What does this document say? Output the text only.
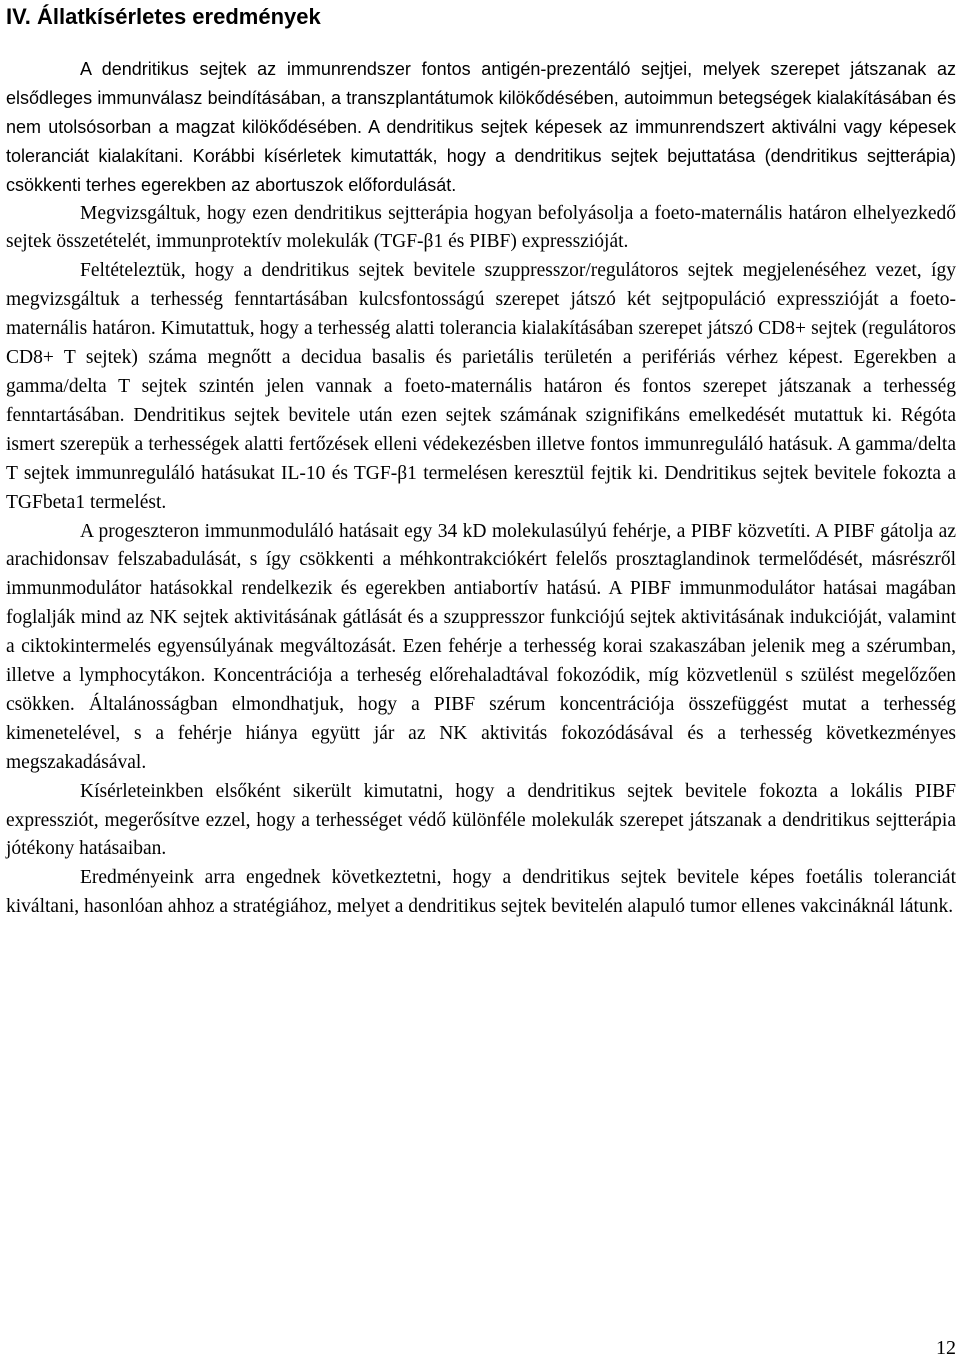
IV. Állatkísérletes eredmények

A dendritikus sejtek az immunrendszer fontos antigén-prezentáló sejtjei, melyek szerepet játszanak az elsődleges immunválasz beindításában, a transzplantátumok kilökődésében, autoimmun betegségek kialakításában és nem utolsósorban a magzat kilökődésében. A dendritikus sejtek képesek az immunrendszert aktiválni vagy képesek toleranciát kialakítani. Korábbi kísérletek kimutatták, hogy a dendritikus sejtek bejuttatása (dendritikus sejtterápia) csökkenti terhes egerekben az abortuszok előfordulását.

Megvizsgáltuk, hogy ezen dendritikus sejtterápia hogyan befolyásolja a foeto-maternális határon elhelyezkedő sejtek összetételét, immunprotektív molekulák (TGF-β1 és PIBF) expresszióját.

Feltételeztük, hogy a dendritikus sejtek bevitele szuppresszor/regulátoros sejtek megjelenéséhez vezet, így megvizsgáltuk a terhesség fenntartásában kulcsfontosságú szerepet játszó két sejtpopuláció expresszióját a foeto-maternális határon. Kimutattuk, hogy a terhesség alatti tolerancia kialakításában szerepet játszó CD8+ sejtek (regulátoros CD8+ T sejtek) száma megnőtt a decidua basalis és parietális területén a perifériás vérhez képest. Egerekben a gamma/delta T sejtek szintén jelen vannak a foeto-maternális határon és fontos szerepet játszanak a terhesség fenntartásában. Dendritikus sejtek bevitele után ezen sejtek számának szignifikáns emelkedését mutattuk ki. Régóta ismert szerepük a terhességek alatti fertőzések elleni védekezésben illetve fontos immunreguláló hatásuk. A gamma/delta T sejtek immunreguláló hatásukat IL-10 és TGF-β1 termelésen keresztül fejtik ki. Dendritikus sejtek bevitele fokozta a TGFbeta1 termelést.

A progeszteron immunmoduláló hatásait egy 34 kD molekulasúlyú fehérje, a PIBF közvetíti. A PIBF gátolja az arachidonsav felszabadulását, s így csökkenti a méhkontrakciókért felelős prosztaglandinok termelődését, másrészről immunmodulátor hatásokkal rendelkezik és egerekben antiabortív hatású. A PIBF immunmodulátor hatásai magában foglalják mind az NK sejtek aktivitásának gátlását és a szuppresszor funkciójú sejtek aktivitásának indukcióját, valamint a ciktokintermelés egyensúlyának megváltozását. Ezen fehérje a terhesség korai szakaszában jelenik meg a szérumban, illetve a lymphocytákon. Koncentrációja a terheség előrehaladtával fokozódik, míg közvetlenül s szülést megelőzően csökken. Általánosságban elmondhatjuk, hogy a PIBF szérum koncentrációja összefüggést mutat a terhesség kimenetelével, s a fehérje hiánya együtt jár az NK aktivitás fokozódásával és a terhesség következményes megszakadásával.

Kísérleteinkben elsőként sikerült kimutatni, hogy a dendritikus sejtek bevitele fokozta a lokális PIBF expressziót, megerősítve ezzel, hogy a terhességet védő különféle molekulák szerepet játszanak a dendritikus sejtterápia jótékony hatásaiban.

Eredményeink arra engednek következtetni, hogy a dendritikus sejtek bevitele képes foetális toleranciát kiváltani, hasonlóan ahhoz a stratégiához, melyet a dendritikus sejtek bevitelén alapuló tumor ellenes vakcináknál látunk.

12
